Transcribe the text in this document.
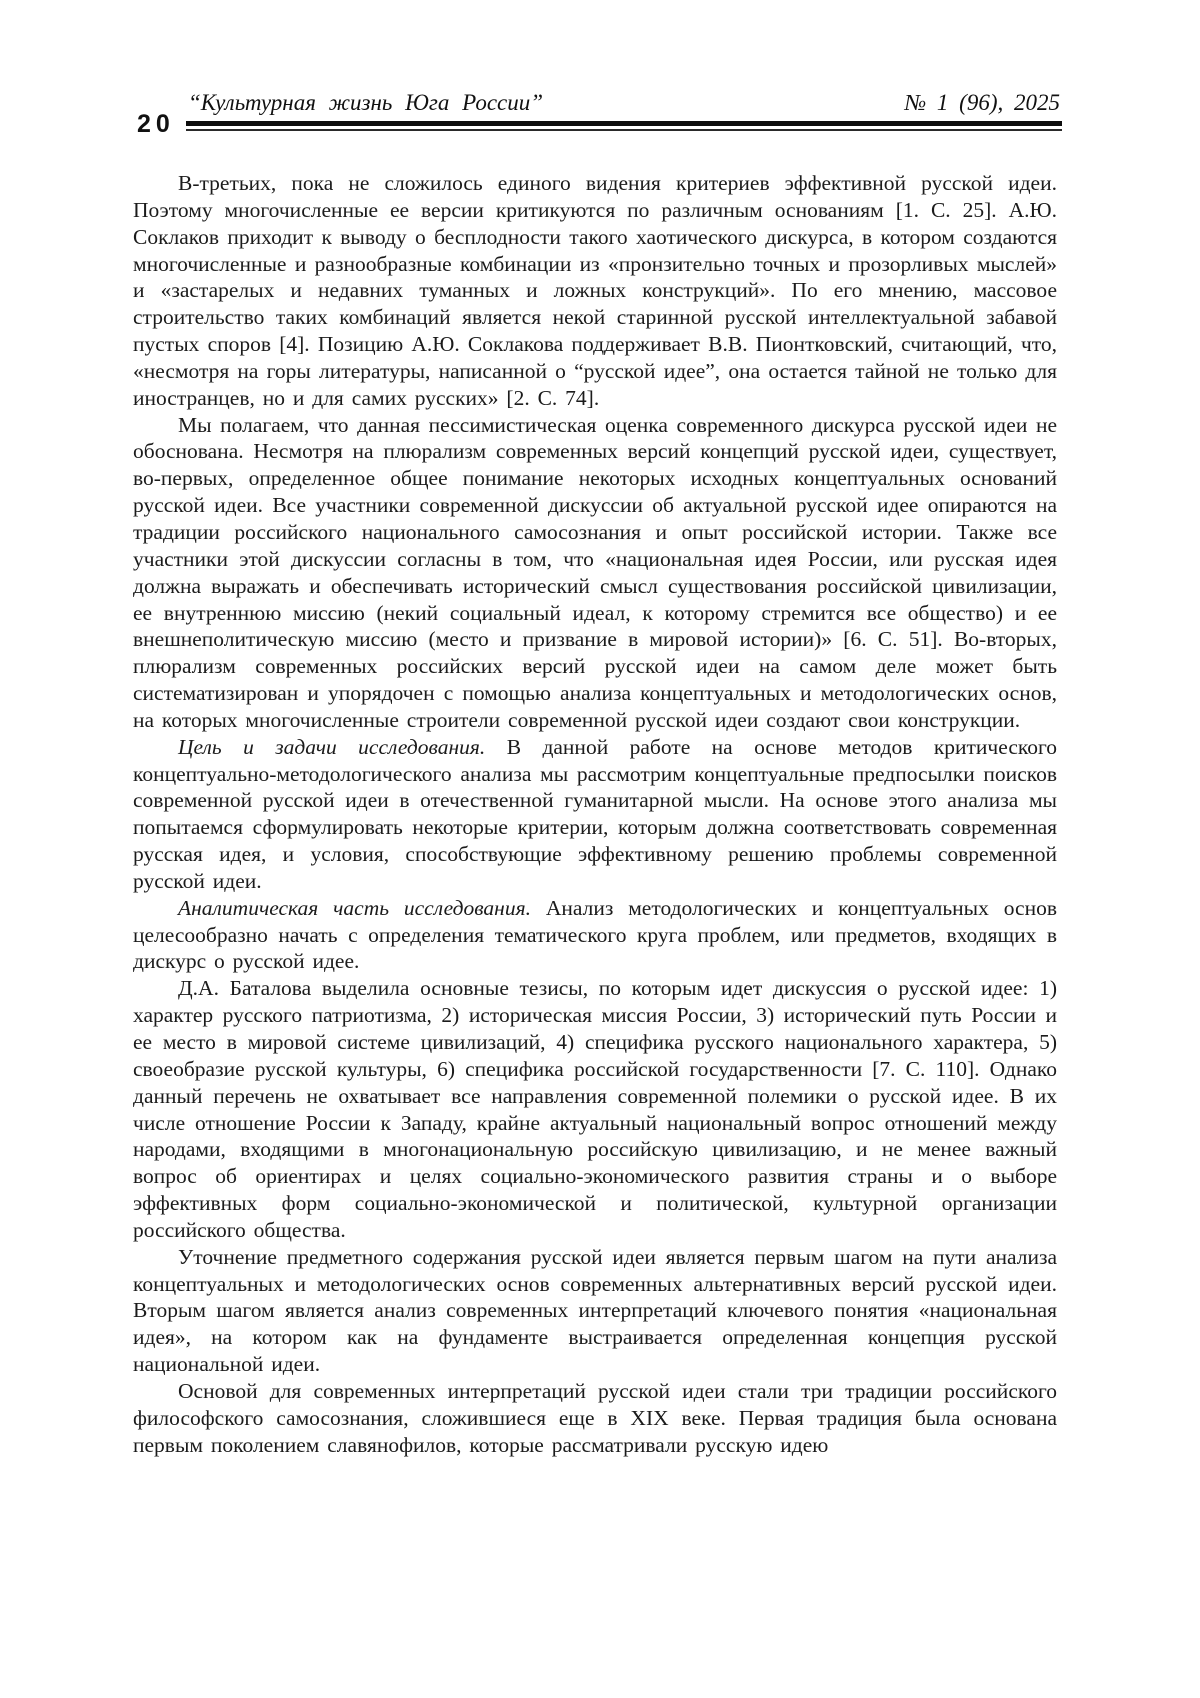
20
“Культурная жизнь Юга России”	№ 1 (96), 2025

В-третьих, пока не сложилось единого видения критериев эффективной русской идеи. Поэтому многочисленные ее версии критикуются по различным основаниям [1. С. 25]. А.Ю. Соклаков приходит к выводу о бесплодности такого хаотического дискурса, в котором создаются многочисленные и разнообразные комбинации из «пронзительно точных и прозорливых мыслей» и «застарелых и недавних туманных и ложных конструкций». По его мнению, массовое строительство таких комбинаций является некой старинной русской интеллектуальной забавой пустых споров [4]. Позицию А.Ю. Соклакова поддерживает В.В. Пионтковский, считающий, что, «несмотря на горы литературы, написанной о “русской идее”, она остается тайной не только для иностранцев, но и для самих русских» [2. С. 74].

Мы полагаем, что данная пессимистическая оценка современного дискурса русской идеи не обоснована. Несмотря на плюрализм современных версий концепций русской идеи, существует, во-первых, определенное общее понимание некоторых исходных концептуальных оснований русской идеи. Все участники современной дискуссии об актуальной русской идее опираются на традиции российского национального самосознания и опыт российской истории. Также все участники этой дискуссии согласны в том, что «национальная идея России, или русская идея должна выражать и обеспечивать исторический смысл существования российской цивилизации, ее внутреннюю миссию (некий социальный идеал, к которому стремится все общество) и ее внешнеполитическую миссию (место и призвание в мировой истории)» [6. С. 51]. Во-вторых, плюрализм современных российских версий русской идеи на самом деле может быть систематизирован и упорядочен с помощью анализа концептуальных и методологических основ, на которых многочисленные строители современной русской идеи создают свои конструкции.

Цель и задачи исследования. В данной работе на основе методов критического концептуально-методологического анализа мы рассмотрим концептуальные предпосылки поисков современной русской идеи в отечественной гуманитарной мысли. На основе этого анализа мы попытаемся сформулировать некоторые критерии, которым должна соответствовать современная русская идея, и условия, способствующие эффективному решению проблемы современной русской идеи.

Аналитическая часть исследования. Анализ методологических и концептуальных основ целесообразно начать с определения тематического круга проблем, или предметов, входящих в дискурс о русской идее.

Д.А. Баталова выделила основные тезисы, по которым идет дискуссия о русской идее: 1) характер русского патриотизма, 2) историческая миссия России, 3) исторический путь России и ее место в мировой системе цивилизаций, 4) специфика русского национального характера, 5) своеобразие русской культуры, 6) специфика российской государственности [7. С. 110]. Однако данный перечень не охватывает все направления современной полемики о русской идее. В их числе отношение России к Западу, крайне актуальный национальный вопрос отношений между народами, входящими в многонациональную российскую цивилизацию, и не менее важный вопрос об ориентирах и целях социально-экономического развития страны и о выборе эффективных форм социально-экономической и политической, культурной организации российского общества.

Уточнение предметного содержания русской идеи является первым шагом на пути анализа концептуальных и методологических основ современных альтернативных версий русской идеи. Вторым шагом является анализ современных интерпретаций ключевого понятия «национальная идея», на котором как на фундаменте выстраивается определенная концепция русской национальной идеи.

Основой для современных интерпретаций русской идеи стали три традиции российского философского самосознания, сложившиеся еще в XIX веке. Первая традиция была основана первым поколением славянофилов, которые рассматривали русскую идею
